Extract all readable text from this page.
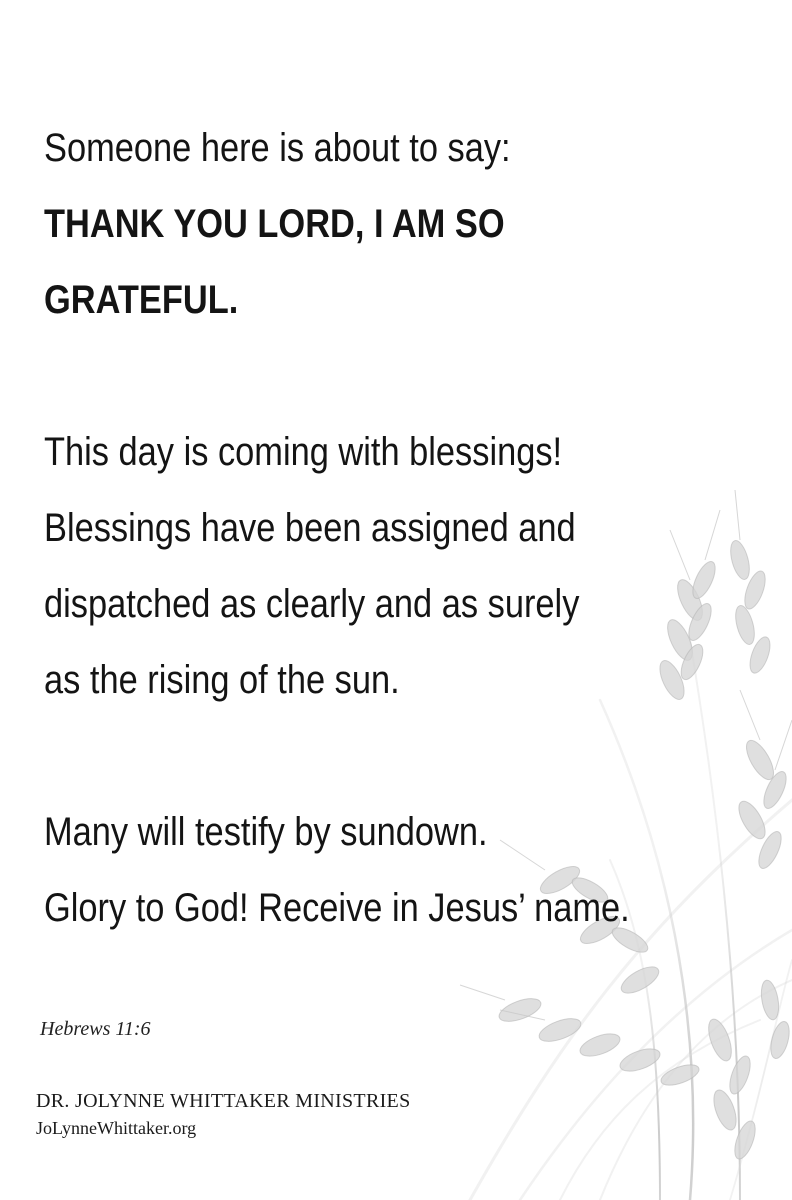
Someone here is about to say:
THANK YOU LORD, I AM SO
GRATEFUL.
This day is coming with blessings!
Blessings have been assigned and
dispatched as clearly and as surely
as the rising of the sun.
Many will testify by sundown.
Glory to God! Receive in Jesus’ name.
Hebrews 11:6
DR. JOLYNNE WHITTAKER MINISTRIES
JoLynneWhittaker.org
